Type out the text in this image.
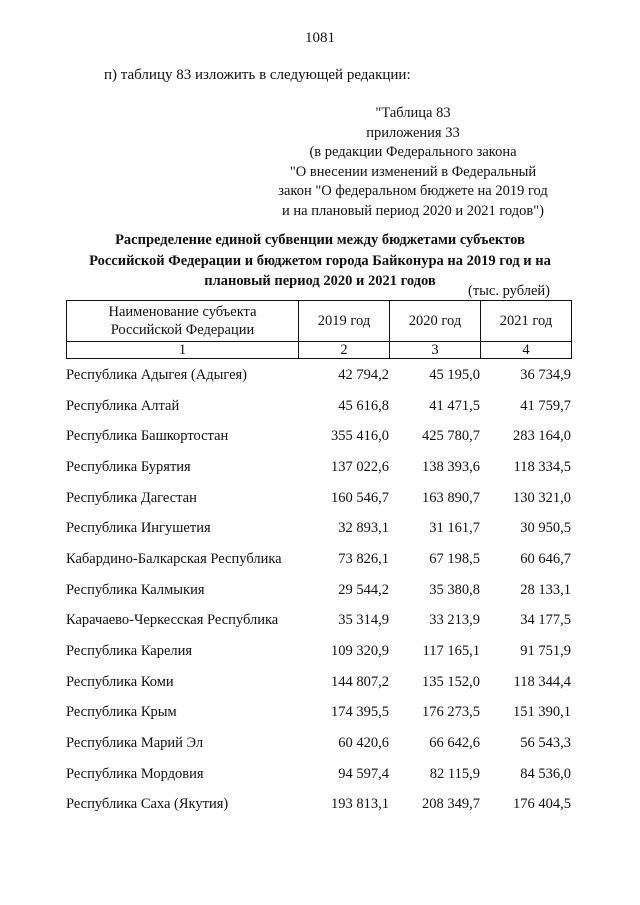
1081
п) таблицу 83 изложить в следующей редакции:
"Таблица 83
приложения 33
(в редакции Федерального закона
"О внесении изменений в Федеральный
закон "О федеральном бюджете на 2019 год
и на плановый период 2020 и 2021 годов")
Распределение единой субвенции между бюджетами субъектов
Российской Федерации и бюджетом города Байконура на 2019 год и на
плановый период 2020 и 2021 годов
(тыс. рублей)
Наименование субъекта Российской Федерации	2019 год	2020 год	2021 год
1	2	3	4
Республика Адыгея (Адыгея)	42 794,2	45 195,0	36 734,9
Республика Алтай	45 616,8	41 471,5	41 759,7
Республика Башкортостан	355 416,0	425 780,7	283 164,0
Республика Бурятия	137 022,6	138 393,6	118 334,5
Республика Дагестан	160 546,7	163 890,7	130 321,0
Республика Ингушетия	32 893,1	31 161,7	30 950,5
Кабардино-Балкарская Республика	73 826,1	67 198,5	60 646,7
Республика Калмыкия	29 544,2	35 380,8	28 133,1
Карачаево-Черкесская Республика	35 314,9	33 213,9	34 177,5
Республика Карелия	109 320,9	117 165,1	91 751,9
Республика Коми	144 807,2	135 152,0	118 344,4
Республика Крым	174 395,5	176 273,5	151 390,1
Республика Марий Эл	60 420,6	66 642,6	56 543,3
Республика Мордовия	94 597,4	82 115,9	84 536,0
Республика Саха (Якутия)	193 813,1	208 349,7	176 404,5
